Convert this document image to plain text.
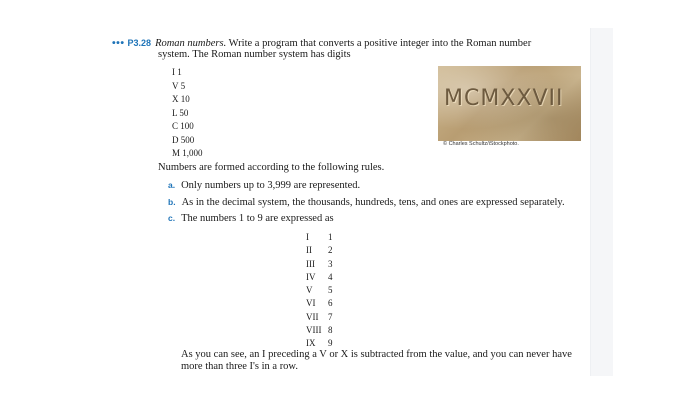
••• P3.28 Roman numbers. Write a program that converts a positive integer into the Roman number
system. The Roman number system has digits
I 1
V 5
X 10
L 50
C 100
D 500
M 1,000
MCMXXVII
© Charles Schultz/iStockphoto.
Numbers are formed according to the following rules.
a. Only numbers up to 3,999 are represented.
b. As in the decimal system, the thousands, hundreds, tens, and ones are expressed separately.
c. The numbers 1 to 9 are expressed as
I 1
II 2
III 3
IV 4
V 5
VI 6
VII 7
VIII 8
IX 9
As you can see, an I preceding a V or X is subtracted from the value, and you can never have
more than three I's in a row.
